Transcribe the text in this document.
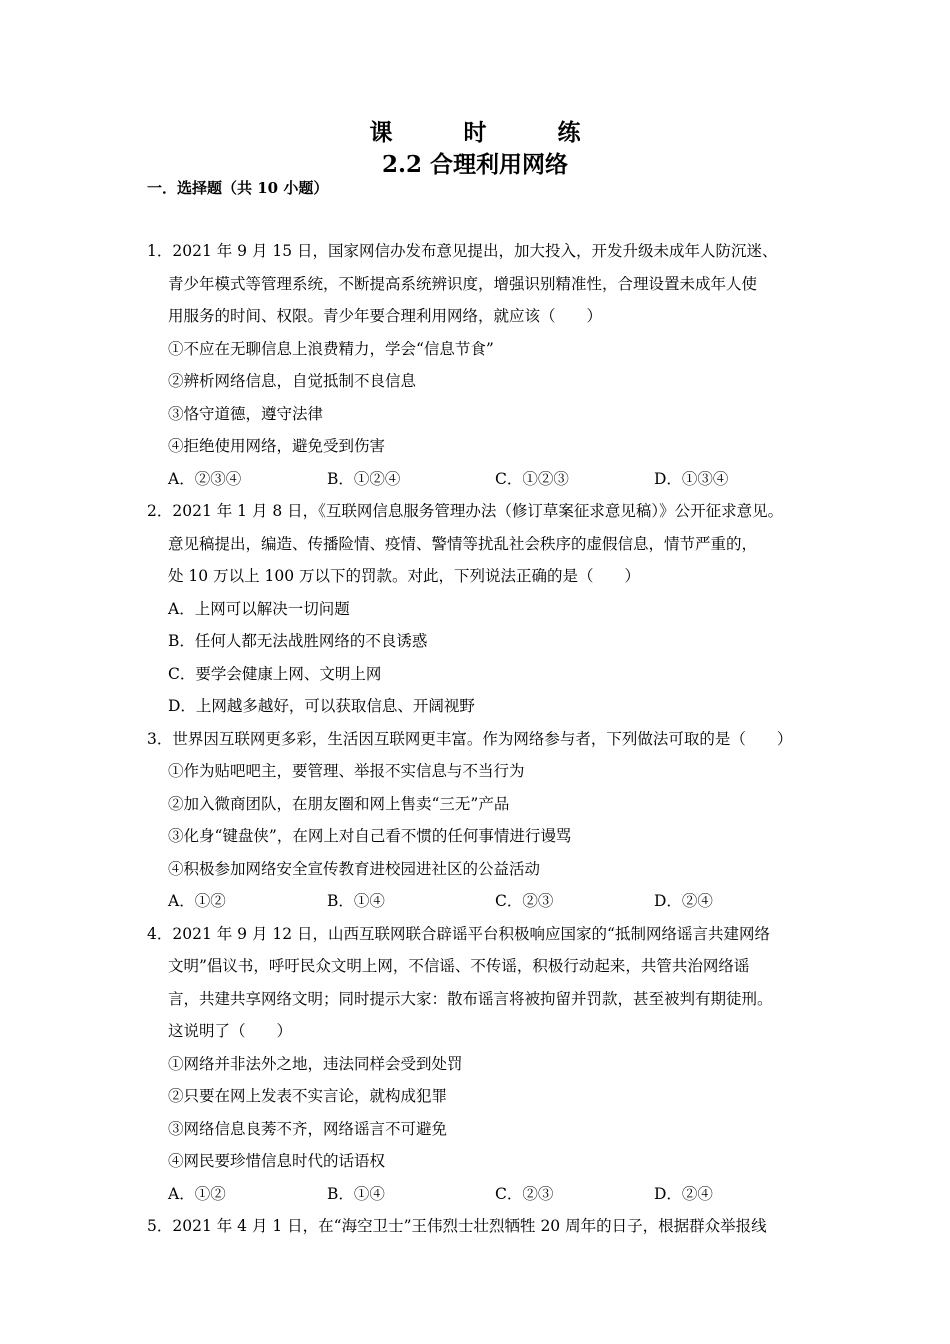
课　时　练
2.2 合理利用网络
一．选择题（共 10 小题）
1．2021 年 9 月 15 日，国家网信办发布意见提出，加大投入，开发升级未成年人防沉迷、
青少年模式等管理系统，不断提高系统辨识度，增强识别精准性，合理设置未成年人使
用服务的时间、权限。青少年要合理利用网络，就应该（　　）
①不应在无聊信息上浪费精力，学会“信息节食”
②辨析网络信息，自觉抵制不良信息
③恪守道德，遵守法律
④拒绝使用网络，避免受到伤害
A．②③④	B．①②④	C．①②③	D．①③④
2．2021 年 1 月 8 日，《互联网信息服务管理办法（修订草案征求意见稿）》公开征求意见。
意见稿提出，编造、传播险情、疫情、警情等扰乱社会秩序的虚假信息，情节严重的，
处 10 万以上 100 万以下的罚款。对此，下列说法正确的是（　　）
A．上网可以解决一切问题
B．任何人都无法战胜网络的不良诱惑
C．要学会健康上网、文明上网
D．上网越多越好，可以获取信息、开阔视野
3．世界因互联网更多彩，生活因互联网更丰富。作为网络参与者，下列做法可取的是（　　）
①作为贴吧吧主，要管理、举报不实信息与不当行为
②加入微商团队，在朋友圈和网上售卖“三无”产品
③化身“键盘侠”，在网上对自己看不惯的任何事情进行谩骂
④积极参加网络安全宣传教育进校园进社区的公益活动
A．①②	B．①④	C．②③	D．②④
4．2021 年 9 月 12 日，山西互联网联合辟谣平台积极响应国家的“抵制网络谣言共建网络
文明”倡议书，呼吁民众文明上网，不信谣、不传谣，积极行动起来，共管共治网络谣
言，共建共享网络文明；同时提示大家：散布谣言将被拘留并罚款，甚至被判有期徒刑。
这说明了（　　）
①网络并非法外之地，违法同样会受到处罚
②只要在网上发表不实言论，就构成犯罪
③网络信息良莠不齐，网络谣言不可避免
④网民要珍惜信息时代的话语权
A．①②	B．①④	C．②③	D．②④
5．2021 年 4 月 1 日，在“海空卫士”王伟烈士壮烈牺牲 20 周年的日子，根据群众举报线
